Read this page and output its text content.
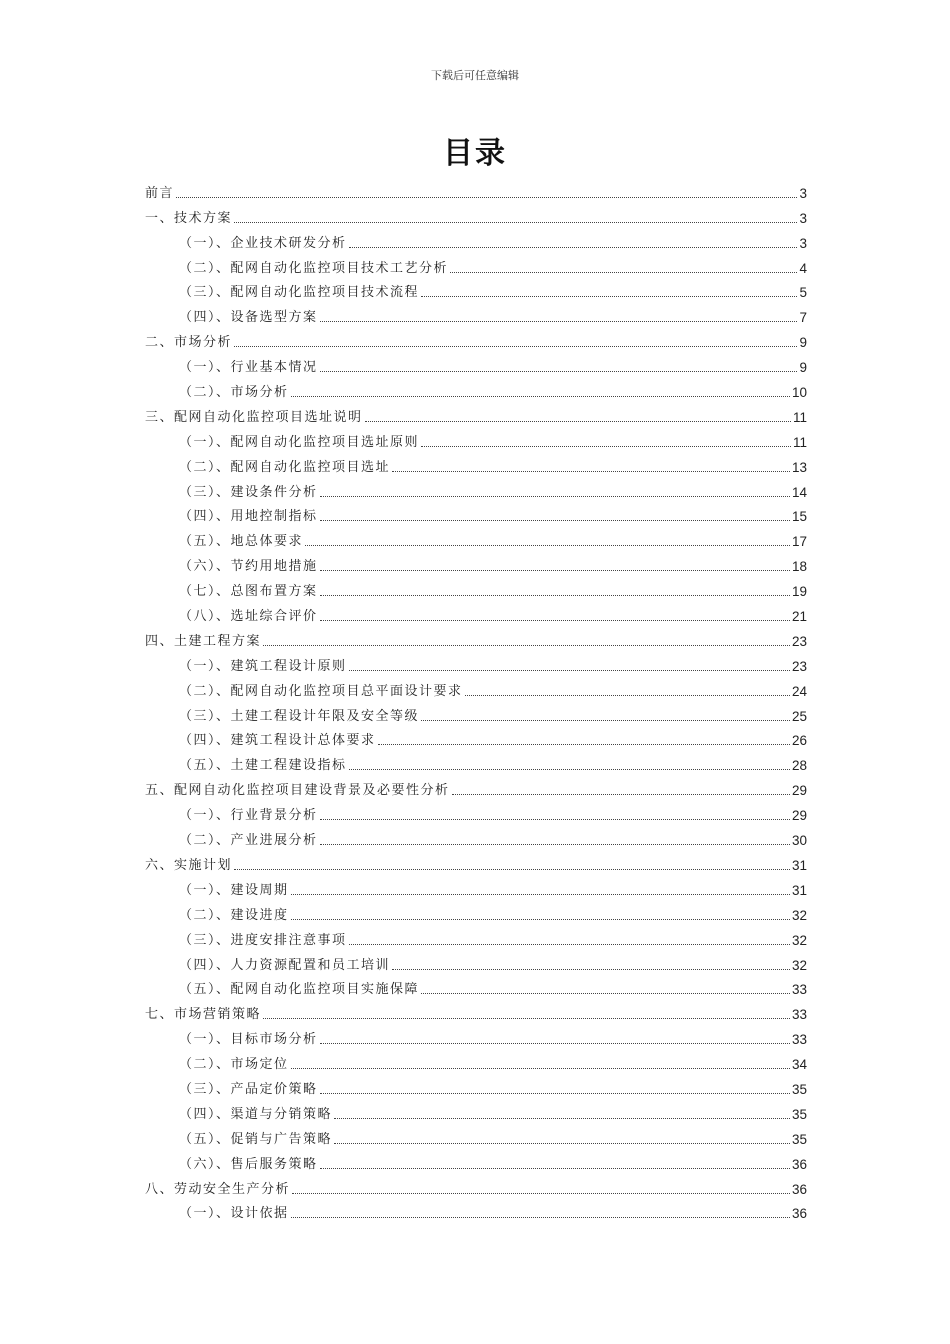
下载后可任意编辑
目录
前言	3
一、技术方案	3
（一）、企业技术研发分析	3
（二）、配网自动化监控项目技术工艺分析	4
（三）、配网自动化监控项目技术流程	5
（四）、设备选型方案	7
二、市场分析	9
（一）、行业基本情况	9
（二）、市场分析	10
三、配网自动化监控项目选址说明	11
（一）、配网自动化监控项目选址原则	11
（二）、配网自动化监控项目选址	13
（三）、建设条件分析	14
（四）、用地控制指标	15
（五）、地总体要求	17
（六）、节约用地措施	18
（七）、总图布置方案	19
（八）、选址综合评价	21
四、土建工程方案	23
（一）、建筑工程设计原则	23
（二）、配网自动化监控项目总平面设计要求	24
（三）、土建工程设计年限及安全等级	25
（四）、建筑工程设计总体要求	26
（五）、土建工程建设指标	28
五、配网自动化监控项目建设背景及必要性分析	29
（一）、行业背景分析	29
（二）、产业进展分析	30
六、实施计划	31
（一）、建设周期	31
（二）、建设进度	32
（三）、进度安排注意事项	32
（四）、人力资源配置和员工培训	32
（五）、配网自动化监控项目实施保障	33
七、市场营销策略	33
（一）、目标市场分析	33
（二）、市场定位	34
（三）、产品定价策略	35
（四）、渠道与分销策略	35
（五）、促销与广告策略	35
（六）、售后服务策略	36
八、劳动安全生产分析	36
（一）、设计依据	36
